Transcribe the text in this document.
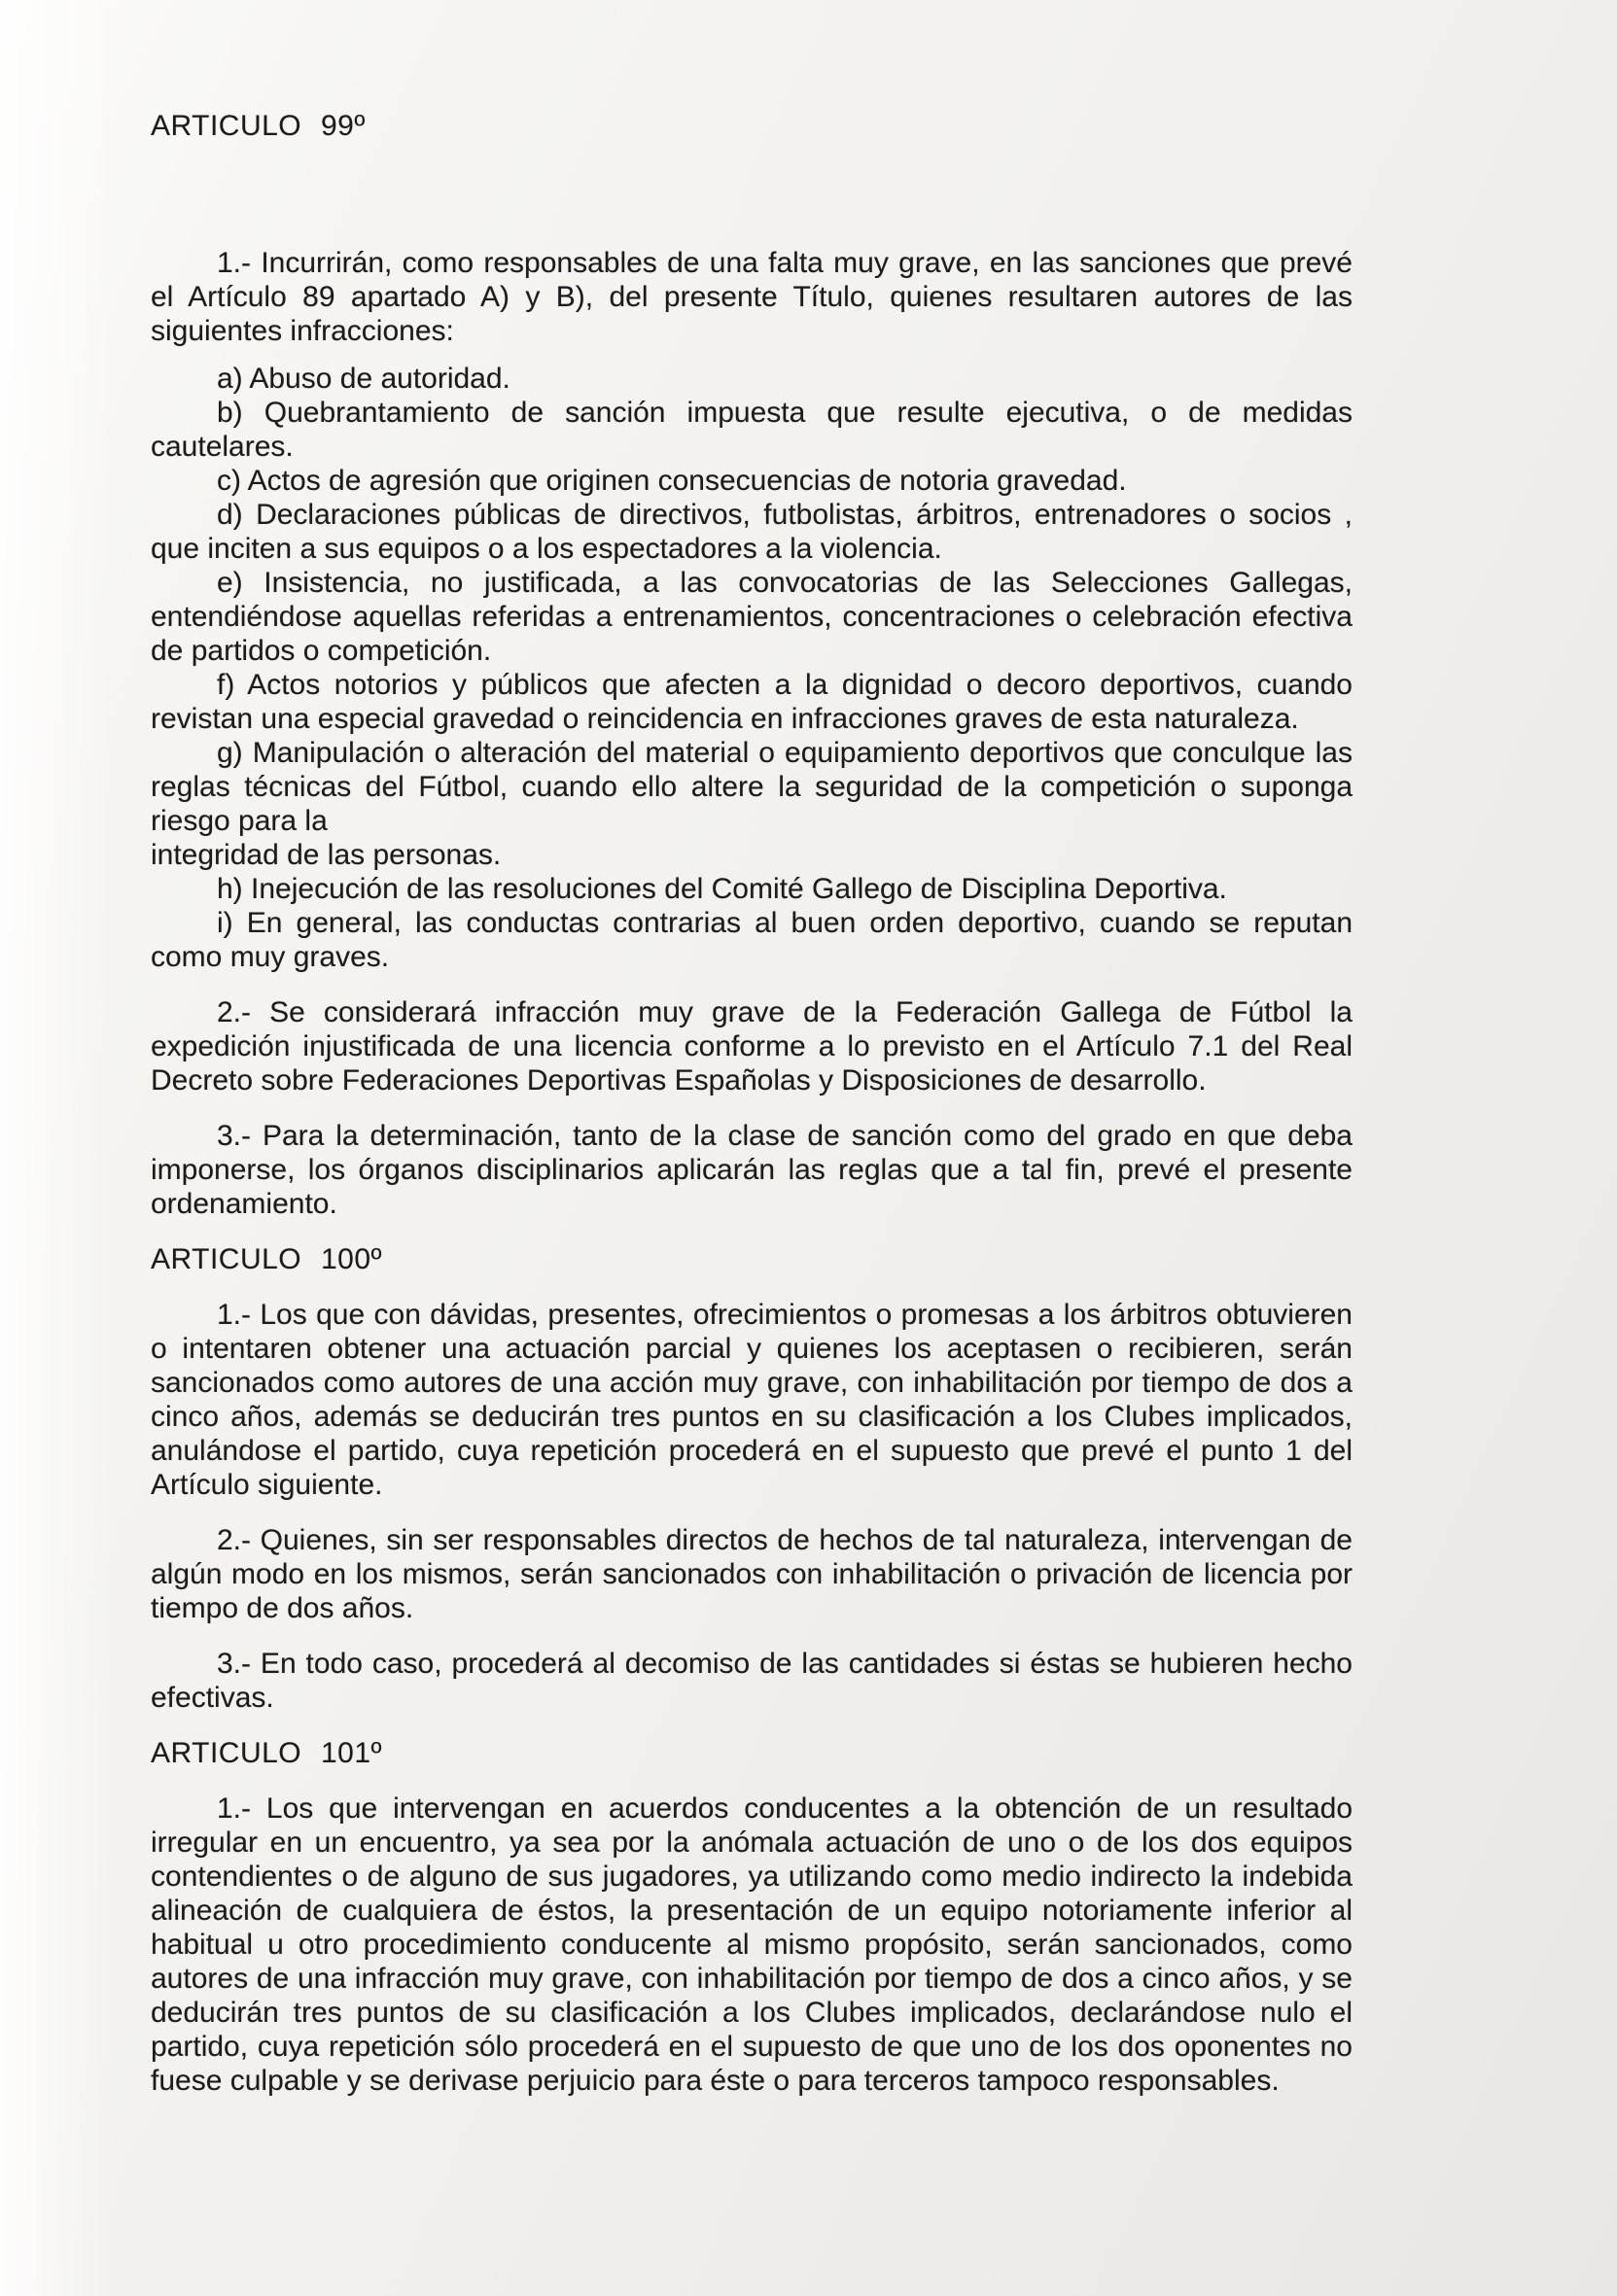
ARTICULO 99º

1.- Incurrirán, como responsables de una falta muy grave, en las sanciones que prevé el Artículo 89 apartado A) y B), del presente Título, quienes resultaren autores de las siguientes infracciones:

a) Abuso de autoridad.

b) Quebrantamiento de sanción impuesta que resulte ejecutiva, o de medidas cautelares.

c) Actos de agresión que originen consecuencias de notoria gravedad.

d) Declaraciones públicas de directivos, futbolistas, árbitros, entrenadores o socios , que inciten a sus equipos o a los espectadores a la violencia.

e) Insistencia, no justificada, a las convocatorias de las Selecciones Gallegas, entendiéndose aquellas referidas a entrenamientos, concentraciones o celebración efectiva de partidos o competición.

f) Actos notorios y públicos que afecten a la dignidad o decoro deportivos, cuando revistan una especial gravedad o reincidencia en infracciones graves de esta naturaleza.

g) Manipulación o alteración del material o equipamiento deportivos que conculque las reglas técnicas del Fútbol, cuando ello altere la seguridad de la competición o suponga riesgo para la

integridad de las personas.

h) Inejecución de las resoluciones del Comité Gallego de Disciplina Deportiva.

i) En general, las conductas contrarias al buen orden deportivo, cuando se reputan como muy graves.

2.- Se considerará infracción muy grave de la Federación Gallega de Fútbol la expedición injustificada de una licencia conforme a lo previsto en el Artículo 7.1 del Real Decreto sobre Federaciones Deportivas Españolas y Disposiciones de desarrollo.

3.- Para la determinación, tanto de la clase de sanción como del grado en que deba imponerse, los órganos disciplinarios aplicarán las reglas que a tal fin, prevé el presente ordenamiento.

ARTICULO 100º

1.- Los que con dávidas, presentes, ofrecimientos o promesas a los árbitros obtuvieren o intentaren obtener una actuación parcial y quienes los aceptasen o recibieren, serán sancionados como autores de una acción muy grave, con inhabilitación por tiempo de dos a cinco años, además se deducirán tres puntos en su clasificación a los Clubes implicados, anulándose el partido, cuya repetición procederá en el supuesto que prevé el punto 1 del Artículo siguiente.

2.- Quienes, sin ser responsables directos de hechos de tal naturaleza, intervengan de algún modo en los mismos, serán sancionados con inhabilitación o privación de licencia por tiempo de dos años.

3.- En todo caso, procederá al decomiso de las cantidades si éstas se hubieren hecho efectivas.

ARTICULO 101º

1.- Los que intervengan en acuerdos conducentes a la obtención de un resultado irregular en un encuentro, ya sea por la anómala actuación de uno o de los dos equipos contendientes o de alguno de sus jugadores, ya utilizando como medio indirecto la indebida alineación de cualquiera de éstos, la presentación de un equipo notoriamente inferior al habitual u otro procedimiento conducente al mismo propósito, serán sancionados, como autores de una infracción muy grave, con inhabilitación por tiempo de dos a cinco años, y se deducirán tres puntos de su clasificación a los Clubes implicados, declarándose nulo el partido, cuya repetición sólo procederá en el supuesto de que uno de los dos oponentes no fuese culpable y se derivase perjuicio para éste o para terceros tampoco responsables.
